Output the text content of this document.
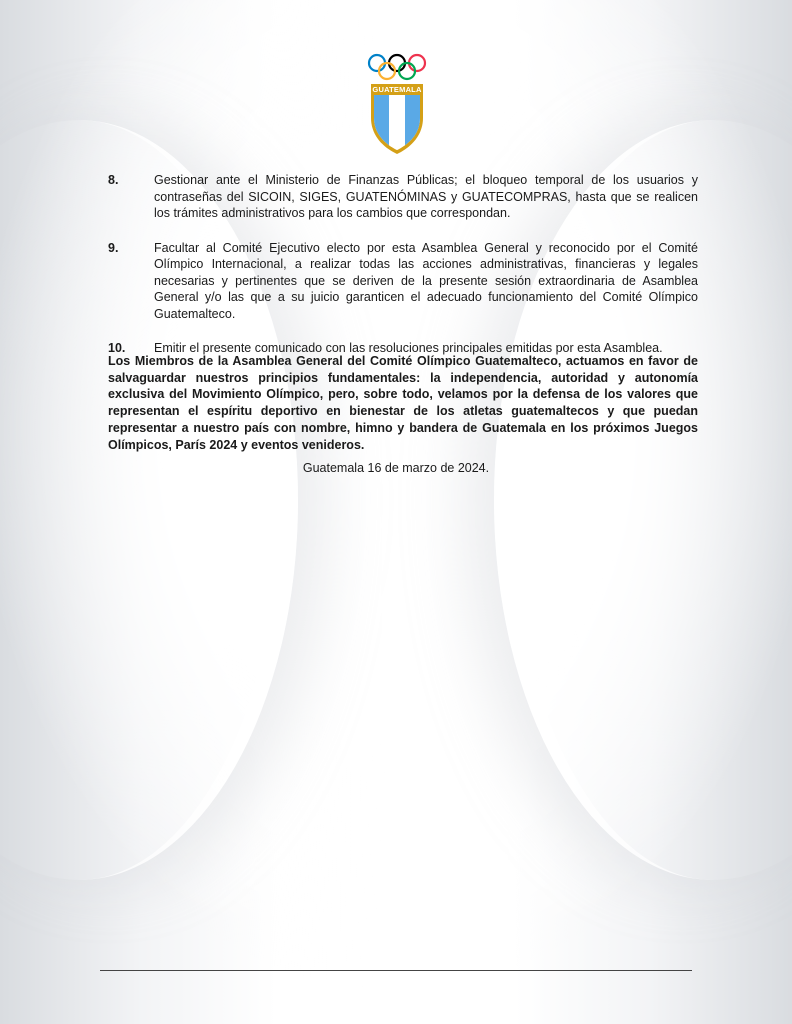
GUATEMALA
8.	Gestionar ante el Ministerio de Finanzas Públicas; el bloqueo temporal de los usuarios y contraseñas del SICOIN, SIGES, GUATENÓMINAS y GUATECOMPRAS, hasta que se realicen los trámites administrativos para los cambios que correspondan.
9.	Facultar al Comité Ejecutivo electo por esta Asamblea General y reconocido por el Comité Olímpico Internacional, a realizar todas las acciones administrativas, financieras y legales necesarias y pertinentes que se deriven de la presente sesión extraordinaria de Asamblea General y/o las que a su juicio garanticen el adecuado funcionamiento del Comité Olímpico Guatemalteco.
10.	Emitir el presente comunicado con las resoluciones principales emitidas por esta Asamblea.
Los Miembros de la Asamblea General del Comité Olímpico Guatemalteco, actuamos en favor de salvaguardar nuestros principios fundamentales: la independencia, autoridad y autonomía exclusiva del Movimiento Olímpico, pero, sobre todo, velamos por la defensa de los valores que representan el espíritu deportivo en bienestar de los atletas guatemaltecos y que puedan representar a nuestro país con nombre, himno y bandera de Guatemala en los próximos Juegos Olímpicos, París 2024 y eventos venideros.
Guatemala 16 de marzo de 2024.
